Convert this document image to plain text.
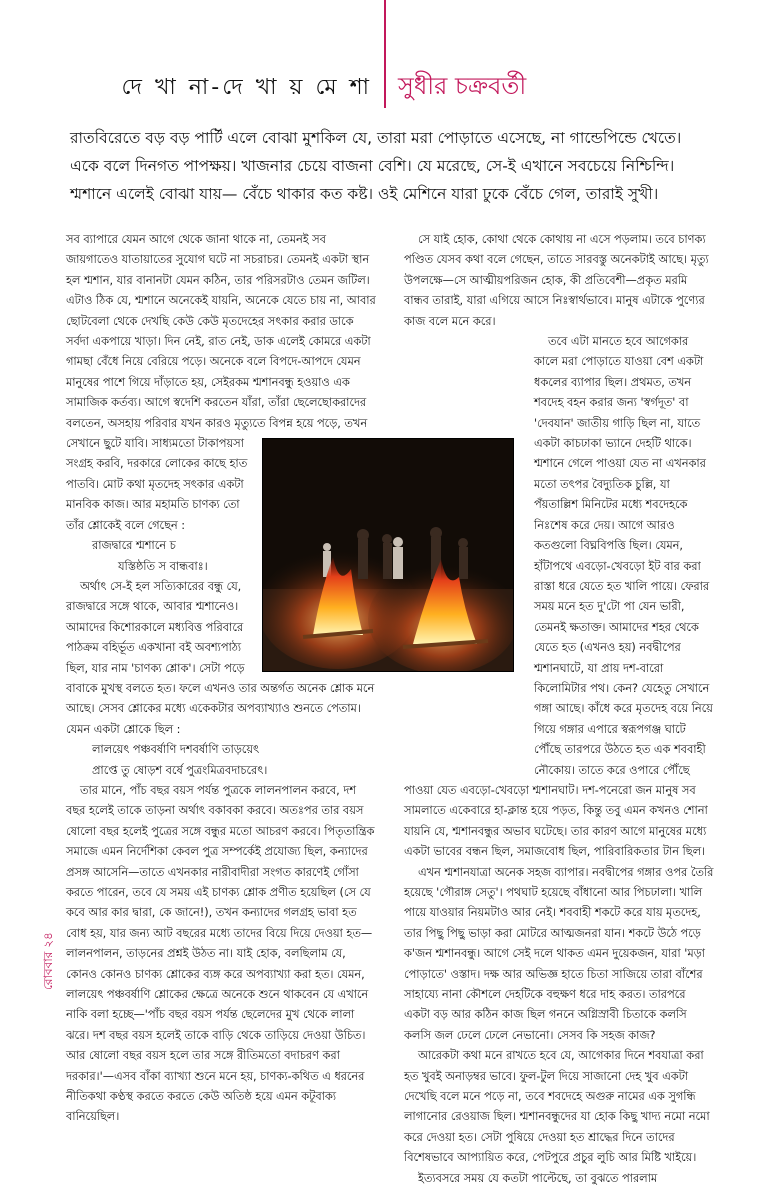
দে খা না-দে খা য় মে শা সুধীর চক্রবর্তী

রাতবিরেতে বড় বড় পার্টি এলে বোঝা মুশকিল যে, তারা মরা পোড়াতে এসেছে, না গান্ডেপিন্ডে খেতে।

একে বলে দিনগত পাপক্ষয়। খাজনার চেয়ে বাজনা বেশি। যে মরেছে, সে-ই এখানে সবচেয়ে নিশ্চিন্দি।

শ্মশানে এলেই বোঝা যায়— বেঁচে থাকার কত কষ্ট। ওই মেশিনে যারা ঢুকে বেঁচে গেল, তারাই সুখী।

সব ব্যাপারে যেমন আগে থেকে জানা থাকে না, তেমনই সব জায়গাতেও যাতায়াতের সুযোগ ঘটে না সচরাচর। তেমনই একটা স্থান হল শ্মশান, যার বানানটা যেমন কঠিন, তার পরিসরটাও তেমন জটিল। এটাও ঠিক যে, শ্মশানে অনেকেই যায়নি, অনেকে যেতে চায় না, আবার ছোটবেলা থেকে দেখছি কেউ কেউ মৃতদেহের সৎকার করার ডাকে সর্বদা একপায়ে খাড়া। দিন নেই, রাত নেই, ডাক এলেই কোমরে একটা গামছা বেঁধে নিয়ে বেরিয়ে পড়ে। অনেকে বলে বিপদে-আপদে যেমন মানুষের পাশে গিয়ে দাঁড়াতে হয়, সেইরকম শ্মশানবন্ধু হওয়াও এক সামাজিক কর্তব্য। আগে স্বদেশি করতেন যাঁরা, তাঁরা ছেলেছোকরাদের বলতেন, অসহায় পরিবার যখন কারও মৃত্যুতে বিপন্ন হয়ে পড়ে, তখন

সেখানে ছুটে যাবি। সাধ্যমতো টাকাপয়সা সংগ্রহ করবি, দরকারে লোকের কাছে হাত পাতবি। মোট কথা মৃতদেহ সৎকার একটা মানবিক কাজ। আর মহামতি চাণক্য তো তাঁর শ্লোকেই বলে গেছেন :

রাজদ্বারে শ্মশানে চ

যস্তিষ্ঠতি স বান্ধবাঃ।

অর্থাৎ সে-ই হল সত্যিকারের বন্ধু যে, রাজদ্বারে সঙ্গে থাকে, আবার শ্মশানেও। আমাদের কিশোরকালে মধ্যবিত্ত পরিবারে পাঠক্রম বহির্ভূত একখানা বই অবশ্যপাঠ্য ছিল, যার নাম 'চাণক্য শ্লোক'। সেটা পড়ে বাবাকে মুখস্থ বলতে হত। ফলে এখনও তার অন্তর্গত অনেক শ্লোক মনে আছে। সেসব শ্লোকের মধ্যে একেকটার অপব্যাখ্যাও শুনতে পেতাম। যেমন একটা শ্লোকে ছিল :

লালয়েৎ পঞ্চবর্ষাণি দশবর্ষাণি তাড়য়েৎ

প্রাপ্তে তু ষোড়শ বর্ষে পুত্রংমিত্রবদাচরেৎ।

তার মানে, পাঁচ বছর বয়স পর্যন্ত পুত্রকে লালনপালন করবে, দশ বছর হলেই তাকে তাড়না অর্থাৎ বকাবকা করবে। অতঃপর তার বয়স ষোলো বছর হলেই পুত্রের সঙ্গে বন্ধুর মতো আচরণ করবে। পিতৃতান্ত্রিক সমাজে এমন নির্দেশিকা কেবল পুত্র সম্পর্কেই প্রযোজ্য ছিল, কন্যাদের প্রসঙ্গ আসেনি—তাতে এখনকার নারীবাদীরা সংগত কারণেই গোঁসা করতে পারেন, তবে যে সময় এই চাণক্য শ্লোক প্রণীত হয়েছিল (সে যে কবে আর কার দ্বারা, কে জানে!), তখন কন্যাদের গলগ্রহ ভাবা হত বোধ হয়, যার জন্য আট বছরের মধ্যে তাদের বিয়ে দিয়ে দেওয়া হত—লালনপালন, তাড়নের প্রশ্নই উঠত না। যাই হোক, বলছিলাম যে, কোনও কোনও চাণক্য শ্লোকের ব্যঙ্গ করে অপব্যাখ্যা করা হত। যেমন, লালয়েৎ পঞ্চবর্ষাণি শ্লোকের ক্ষেত্রে অনেকে শুনে থাকবেন যে এখানে নাকি বলা হচ্ছে—'পাঁচ বছর বয়স পর্যন্ত ছেলেদের মুখ থেকে লালা ঝরে। দশ বছর বয়স হলেই তাকে বাড়ি থেকে তাড়িয়ে দেওয়া উচিত। আর ষোলো বছর বয়স হলে তার সঙ্গে রীতিমতো বদাচরণ করা দরকার।'—এসব বাঁকা ব্যাখ্যা শুনে মনে হয়, চাণক্য-কথিত এ ধরনের নীতিকথা কণ্ঠস্থ করতে করতে কেউ অতিষ্ঠ হয়ে এমন কটূবাক্য বানিয়েছিল।

সে যাই হোক, কোথা থেকে কোথায় না এসে পড়লাম। তবে চাণক্য পণ্ডিত যেসব কথা বলে গেছেন, তাতে সারবস্তু অনেকটাই আছে। মৃত্যু উপলক্ষে—সে আত্মীয়পরিজন হোক, কী প্রতিবেশী—প্রকৃত মরমি বান্ধব তারাই, যারা এগিয়ে আসে নিঃস্বার্থভাবে। মানুষ এটাকে পুণ্যের কাজ বলে মনে করে।

তবে এটা মানতে হবে আগেকার কালে মরা পোড়াতে যাওয়া বেশ একটা ধকলের ব্যাপার ছিল। প্রথমত, তখন শবদেহ বহন করার জন্য 'স্বর্গদূত' বা 'দেবযান' জাতীয় গাড়ি ছিল না, যাতে একটা কাচঢাকা ভ্যানে দেহটি থাকে। শ্মশানে গেলে পাওয়া যেত না এখনকার মতো তৎপর বৈদ্যুতিক চুল্লি, যা পঁয়তাল্লিশ মিনিটের মধ্যে শবদেহকে নিঃশেষ করে দেয়। আগে আরও কতগুলো বিঘ্নবিপত্তি ছিল। যেমন, হাঁটাপথে এবড়ো-খেবড়ো ইট বার করা রাস্তা ধরে যেতে হত খালি পায়ে। ফেরার সময় মনে হত দু'টো পা যেন ভারী, তেমনই ক্ষতাক্ত। আমাদের শহর থেকে যেতে হত (এখনও হয়) নবদ্বীপের শ্মশানঘাটে, যা প্রায় দশ-বারো কিলোমিটার পথ। কেন? যেহেতু সেখানে গঙ্গা আছে। কাঁধে করে মৃতদেহ বয়ে নিয়ে গিয়ে গঙ্গার এপারে স্বরূপগঞ্জ ঘাটে পৌঁছে তারপরে উঠতে হত এক শববাহী নৌকোয়। তাতে করে ওপারে পৌঁছে পাওয়া যেত এবড়ো-খেবড়ো শ্মশানঘাট। দশ-পনেরো জন মানুষ সব সামলাতে একেবারে হা-ক্লান্ত হয়ে পড়ত, কিন্তু তবু এমন কখনও শোনা যায়নি যে, শ্মশানবন্ধুর অভাব ঘটেছে। তার কারণ আগে মানুষের মধ্যে একটা ভাবের বন্ধন ছিল, সমাজবোধ ছিল, পারিবারিকতার টান ছিল।

এখন শ্মশানযাত্রা অনেক সহজ ব্যাপার। নবদ্বীপের গঙ্গার ওপর তৈরি হয়েছে 'গৌরাঙ্গ সেতু'। পথঘাট হয়েছে বাঁধানো আর পিচঢালা। খালি পায়ে যাওয়ার নিয়মটাও আর নেই। শববাহী শকটে করে যায় মৃতদেহ, তার পিছু পিছু ভাড়া করা মোটরে আত্মজনরা যান। শকটে উঠে পড়ে ক'জন শ্মশানবন্ধু। আগে সেই দলে থাকত এমন দুয়েকজন, যারা 'মড়া পোড়াতে' ওস্তাদ। দক্ষ আর অভিজ্ঞ হাতে চিতা সাজিয়ে তারা বাঁশের সাহায্যে নানা কৌশলে দেহটিকে বহুক্ষণ ধরে দাহ করত। তারপরে একটা বড় আর কঠিন কাজ ছিল গননে অগ্নিস্রাবী চিতাকে কলসি কলসি জল ঢেলে ঢেলে নেভানো। সেসব কি সহজ কাজ?

আরেকটা কথা মনে রাখতে হবে যে, আগেকার দিনে শবযাত্রা করা হত খুবই অনাড়ম্বর ভাবে। ফুল-টুল দিয়ে সাজানো দেহ খুব একটা দেখেছি বলে মনে পড়ে না, তবে শবদেহে অগুরু নামের এক সুগন্ধি লাগানোর রেওয়াজ ছিল। শ্মশানবন্ধুদের যা হোক কিছু খাদ্য নমো নমো করে দেওয়া হত। সেটা পুষিয়ে দেওয়া হত শ্রাদ্ধের দিনে তাদের বিশেষভাবে আপ্যায়িত করে, পেটপুরে প্রচুর লুচি আর মিষ্টি খাইয়ে।

ইত্যবসরে সময় যে কতটা পাল্টেছে, তা বুঝতে পারলাম

রোববার ২৪
